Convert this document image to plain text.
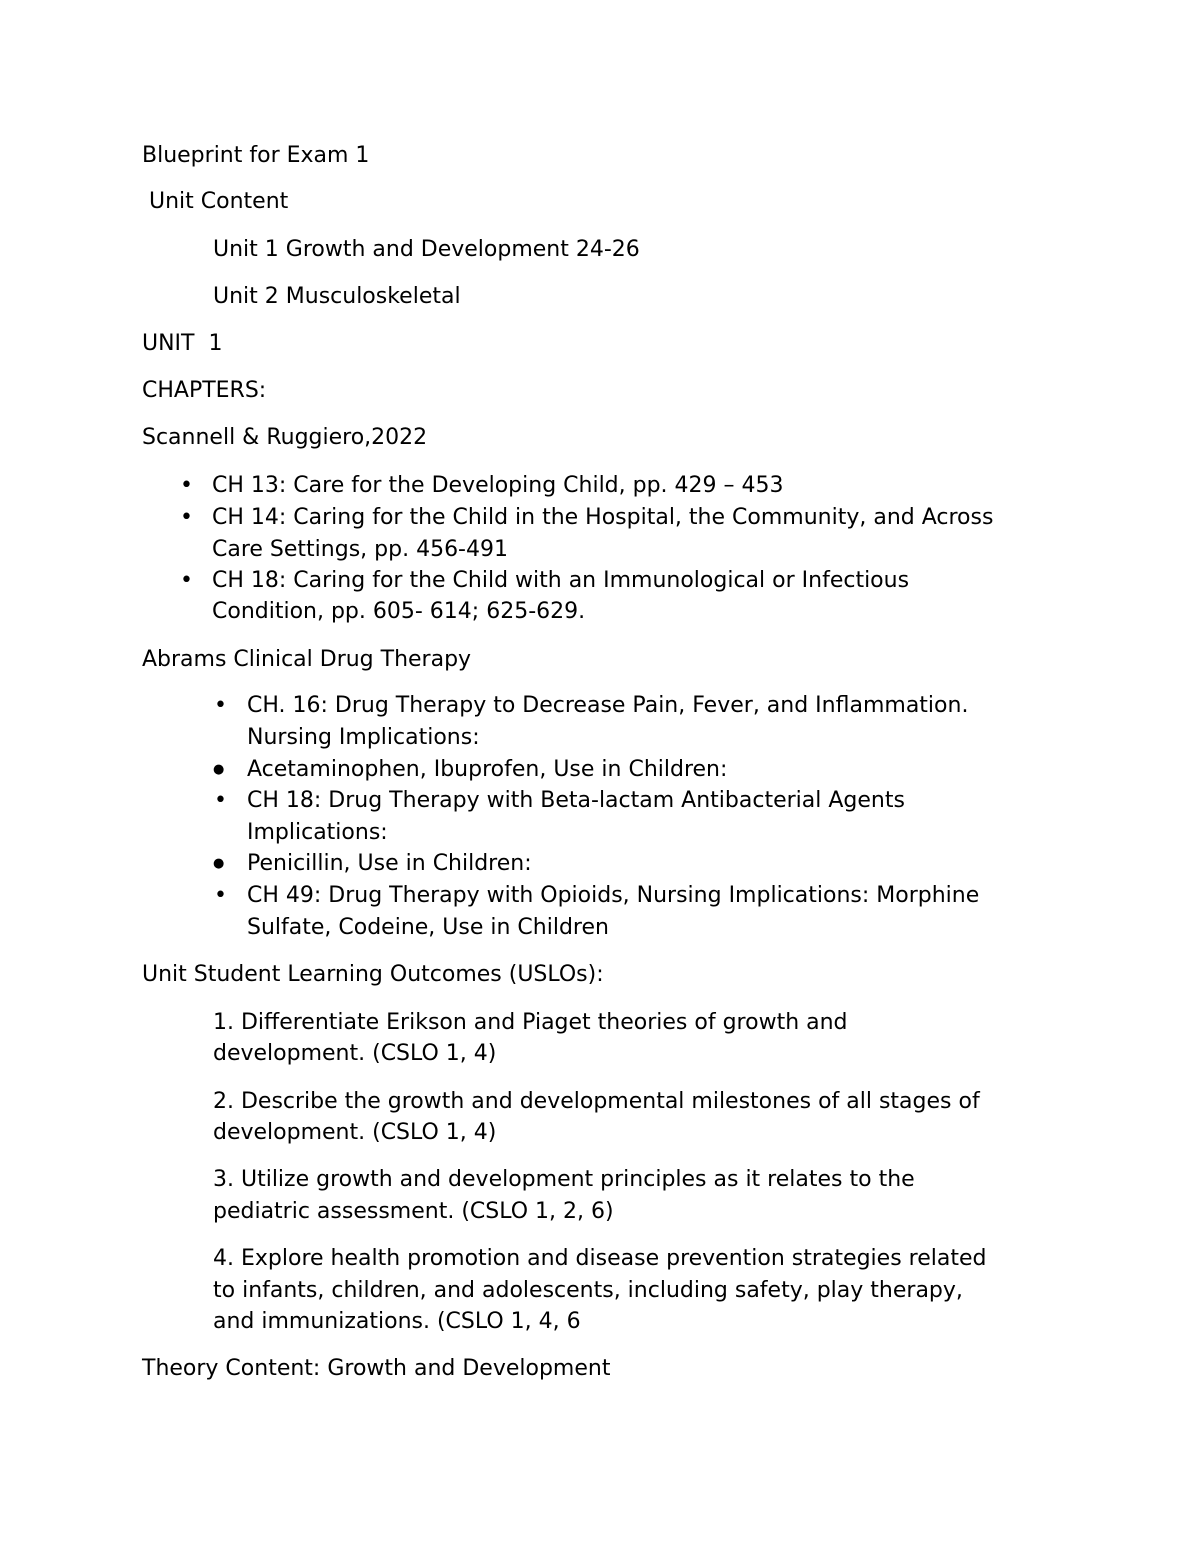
Blueprint for Exam 1
Unit Content
Unit 1 Growth and Development 24-26
Unit 2 Musculoskeletal
UNIT  1
CHAPTERS:
Scannell & Ruggiero,2022
•
CH 13: Care for the Developing Child, pp. 429 – 453
•
CH 14: Caring for the Child in the Hospital, the Community, and Across
Care Settings, pp. 456-491
•
CH 18: Caring for the Child with an Immunological or Infectious
Condition, pp. 605- 614; 625-629.
Abrams Clinical Drug Therapy
•
CH. 16: Drug Therapy to Decrease Pain, Fever, and Inflammation.
Nursing Implications:
●
Acetaminophen, Ibuprofen, Use in Children:
•
CH 18: Drug Therapy with Beta-lactam Antibacterial Agents
Implications:
●
Penicillin, Use in Children:
•
CH 49: Drug Therapy with Opioids, Nursing Implications: Morphine
Sulfate, Codeine, Use in Children
Unit Student Learning Outcomes (USLOs):
1. Differentiate Erikson and Piaget theories of growth and
development. (CSLO 1, 4)
2. Describe the growth and developmental milestones of all stages of
development. (CSLO 1, 4)
3. Utilize growth and development principles as it relates to the
pediatric assessment. (CSLO 1, 2, 6)
4. Explore health promotion and disease prevention strategies related
to infants, children, and adolescents, including safety, play therapy,
and immunizations. (CSLO 1, 4, 6
Theory Content: Growth and Development
